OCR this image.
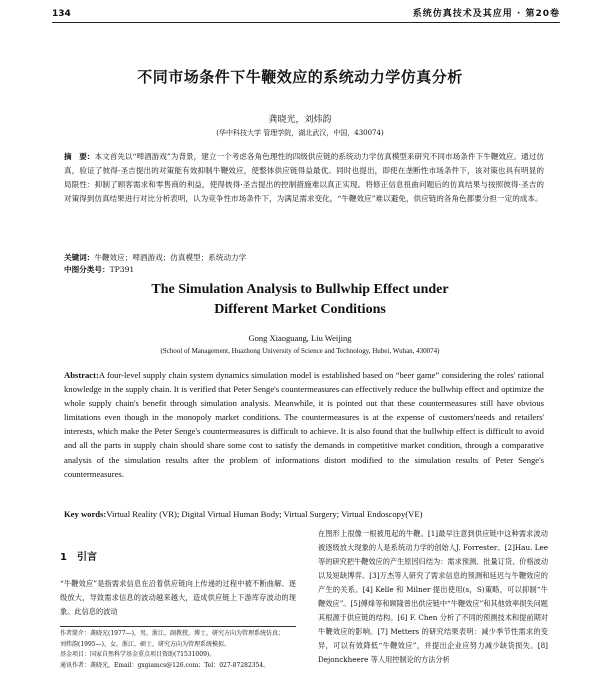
134	系统仿真技术及其应用 · 第20卷
不同市场条件下牛鞭效应的系统动力学仿真分析
龚晓光，刘炜韵
(华中科技大学 管理学院，湖北武汉，中国，430074)
摘　要：本文首先以“啤酒游戏”为背景，建立一个考虑各角色理性的四级供应链的系统动力学仿真模型来研究不同市场条件下牛鞭效应。通过仿真，验证了彼得·圣吉提出的对策能有效抑制牛鞭效应，使整体供应链得益最优。同时也提出，即使在垄断性市场条件下，该对策也具有明显的局限性：抑制了顾客需求和零售商的利益，使得彼得·圣吉提出的控制措施难以真正实现。将修正信息扭曲问题后的仿真结果与按照彼得·圣吉的对策得到仿真结果进行对比分析表明，认为竞争性市场条件下，为满足需求变化，“牛鞭效应”难以避免，供应链的各角色都要分担一定的成本。
关键词：牛鞭效应；啤酒游戏；仿真模型；系统动力学
中图分类号：TP391
The Simulation Analysis to Bullwhip Effect under
Different Market Conditions
Gong Xiaoguang, Liu Weijing
(School of Management, Huazhong University of Science and Technology, Hubei, Wuhan, 430074)
Abstract:A four-level supply chain system dynamics simulation model is established based on “beer game” considering the roles' rational knowledge in the supply chain. It is verified that Peter Senge's countermeasures can effectively reduce the bullwhip effect and optimize the whole supply chain's benefit through simulation analysis. Meanwhile, it is pointed out that these countermeasures still have obvious limitations even though in the monopoly market conditions. The countermeasures is at the expense of customers'needs and retailers' interests, which make the Peter Senge's countermeasures is difficult to achieve. It is also found that the bullwhip effect is difficult to avoid and all the parts in supply chain should share some cost to satisfy the demands in competitive market condition, through a comparative analysis of the simulation results after the problem of informations distort modified to the simulation results of Peter Senge's countermeasures.
Key words:Virtual Reality (VR); Digital Virtual Human Body; Virtual Surgery; Virtual Endoscopy(VE)
1 引言
“牛鞭效应”是指需求信息在沿着供应链向上传递的过程中被不断曲解、逐级放大，导致需求信息的波动越来越大，造成供应链上下游库存波动的现象。此信息的波动
作者简介：龚晓光(1977—)，男，浙江，副教授，博士，研究方向为管理系统仿真；
刘炜韵(1995—)，女，浙江，硕士，研究方向为管理系统模拟。
基金项目：国家自然科学基金重点项目资助(71531009)。
通讯作者：龚晓光，Email：gxgiamcs@126.com；Tel：027-87282354。
在图形上很像一根被甩起的牛鞭。[1]最早注意到供应链中这种需求波动被逐级放大现象的人是系统动力学的创始人J. Forrester。[2]Hau. Lee 等的研究把牛鞭效应的产生原因归结为：需求预测、批量订货、价格波动以及短缺博弈。[3]万杰等人研究了需求信息的预测和延迟与牛鞭效应的产生的关系。[4] Kelle 和 Milner 提出使用(s，S)策略，可以抑制“牛鞭效应”。[5]傅烽等和顾隆曾出供应链中“牛鞭效应”和其他效率损失问题其根源于供应链的结构。[6] F. Chen 分析了不同的预测技术和提前期对牛鞭效应的影响。[7] Metters 的研究结果表明：减少季节性需求的变异，可以有效降低“牛鞭效应”，并提出企业应努力减少缺货损失。[8] Dejonckheere 等人用控制论的方法分析
